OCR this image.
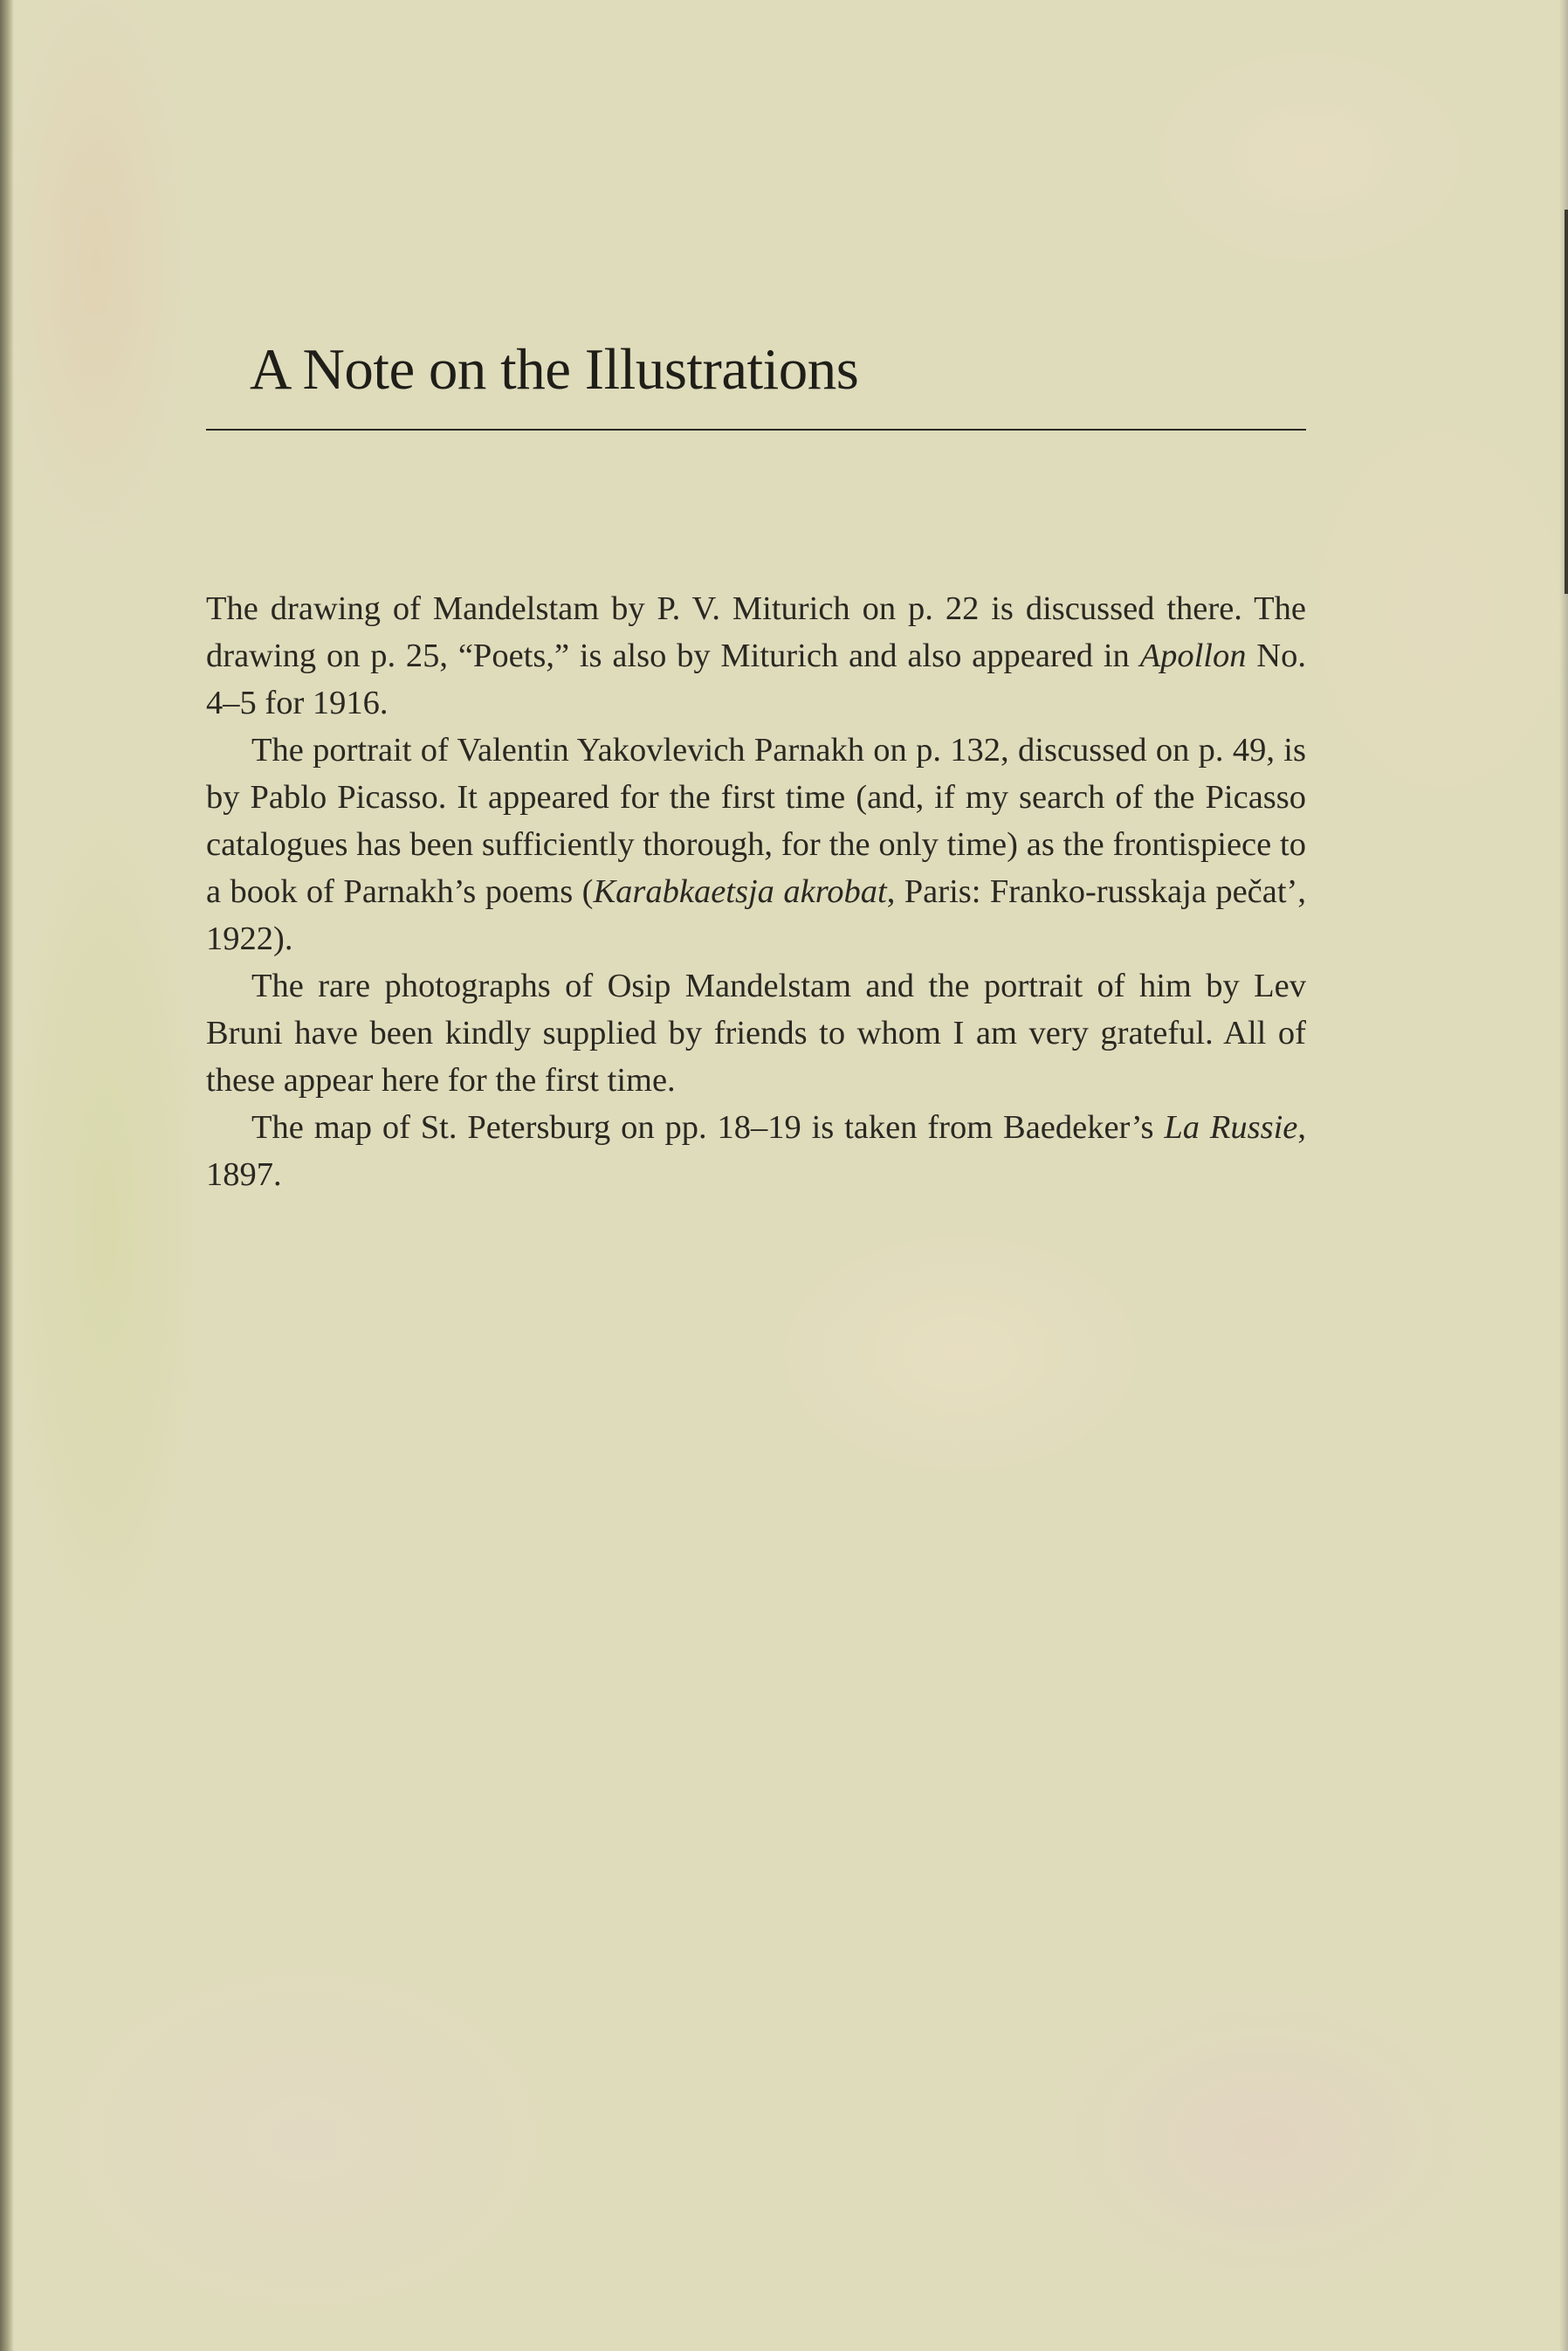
A Note on the Illustrations

The drawing of Mandelstam by P. V. Miturich on p. 22 is discussed there. The drawing on p. 25, “Poets,” is also by Miturich and also appeared in Apollon No. 4–5 for 1916.

The portrait of Valentin Yakovlevich Parnakh on p. 132, discussed on p. 49, is by Pablo Picasso. It appeared for the first time (and, if my search of the Picasso catalogues has been sufficiently thorough, for the only time) as the frontispiece to a book of Parnakh’s poems (Karabkaetsja akrobat, Paris: Franko-russkaja pečat’, 1922).

The rare photographs of Osip Mandelstam and the portrait of him by Lev Bruni have been kindly supplied by friends to whom I am very grateful. All of these appear here for the first time.

The map of St. Petersburg on pp. 18–19 is taken from Baedeker’s La Russie, 1897.
